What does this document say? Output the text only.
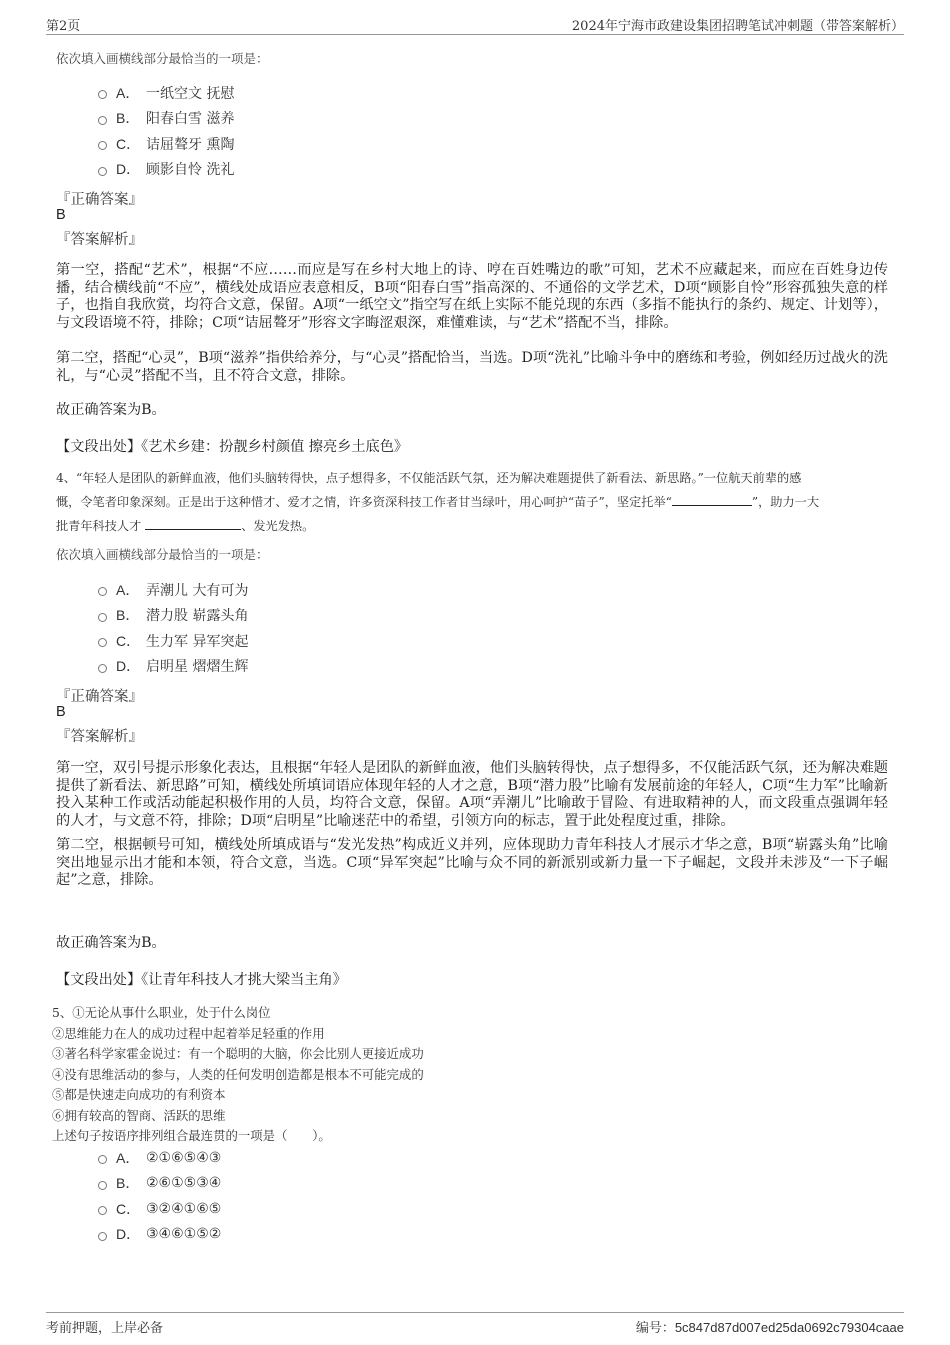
第2页	2024年宁海市政建设集团招聘笔试冲刺题（带答案解析）
依次填入画横线部分最恰当的一项是：
A． 一纸空文 抚慰
B． 阳春白雪 滋养
C． 诘屈聱牙 熏陶
D． 顾影自怜 洗礼
『正确答案』
B
『答案解析』
第一空，搭配“艺术”，根据“不应……而应是写在乡村大地上的诗、哼在百姓嘴边的歌”可知，艺术不应藏起来，而应在百姓身边传播，结合横线前“不应”，横线处成语应表意相反，B项“阳春白雪”指高深的、不通俗的文学艺术，D项“顾影自怜”形容孤独失意的样子，也指自我欣赏，均符合文意，保留。A项“一纸空文”指空写在纸上实际不能兑现的东西（多指不能执行的条约、规定、计划等），与文段语境不符，排除；C项“诘屈聱牙”形容文字晦涩艰深，难懂难读，与“艺术”搭配不当，排除。
第二空，搭配“心灵”，B项“滋养”指供给养分，与“心灵”搭配恰当，当选。D项“洗礼”比喻斗争中的磨练和考验，例如经历过战火的洗礼，与“心灵”搭配不当，且不符合文意，排除。
故正确答案为B。
【文段出处】《艺术乡建：扮靓乡村颜值 擦亮乡土底色》
4、“年轻人是团队的新鲜血液，他们头脑转得快，点子想得多，不仅能活跃气氛，还为解决难题提供了新看法、新思路。”一位航天前辈的感
慨，令笔者印象深刻。正是出于这种惜才、爱才之情，许多资深科技工作者甘当绿叶，用心呵护“苗子”，坚定托举“	”，助力一大
批青年科技人才	、发光发热。
依次填入画横线部分最恰当的一项是：
A． 弄潮儿 大有可为
B． 潜力股 崭露头角
C． 生力军 异军突起
D． 启明星 熠熠生辉
『正确答案』
B
『答案解析』
第一空，双引号提示形象化表达，且根据“年轻人是团队的新鲜血液，他们头脑转得快，点子想得多，不仅能活跃气氛，还为解决难题提供了新看法、新思路”可知，横线处所填词语应体现年轻的人才之意，B项“潜力股”比喻有发展前途的年轻人，C项“生力军”比喻新投入某种工作或活动能起积极作用的人员，均符合文意，保留。A项“弄潮儿”比喻敢于冒险、有进取精神的人，而文段重点强调年轻的人才，与文意不符，排除；D项“启明星”比喻迷茫中的希望，引领方向的标志，置于此处程度过重，排除。
第二空，根据顿号可知，横线处所填成语与“发光发热”构成近义并列，应体现助力青年科技人才展示才华之意，B项“崭露头角”比喻突出地显示出才能和本领，符合文意，当选。C项“异军突起”比喻与众不同的新派别或新力量一下子崛起，文段并未涉及“一下子崛起”之意，排除。
故正确答案为B。
【文段出处】《让青年科技人才挑大梁当主角》
5、①无论从事什么职业，处于什么岗位
②思维能力在人的成功过程中起着举足轻重的作用
③著名科学家霍金说过：有一个聪明的大脑，你会比别人更接近成功
④没有思维活动的参与，人类的任何发明创造都是根本不可能完成的
⑤都是快速走向成功的有利资本
⑥拥有较高的智商、活跃的思维
上述句子按语序排列组合最连贯的一项是（　　）。
A． ②①⑥⑤④③
B． ②⑥①⑤③④
C． ③②④①⑥⑤
D． ③④⑥①⑤②
考前押题，上岸必备	编号：5c847d87d007ed25da0692c79304caae
